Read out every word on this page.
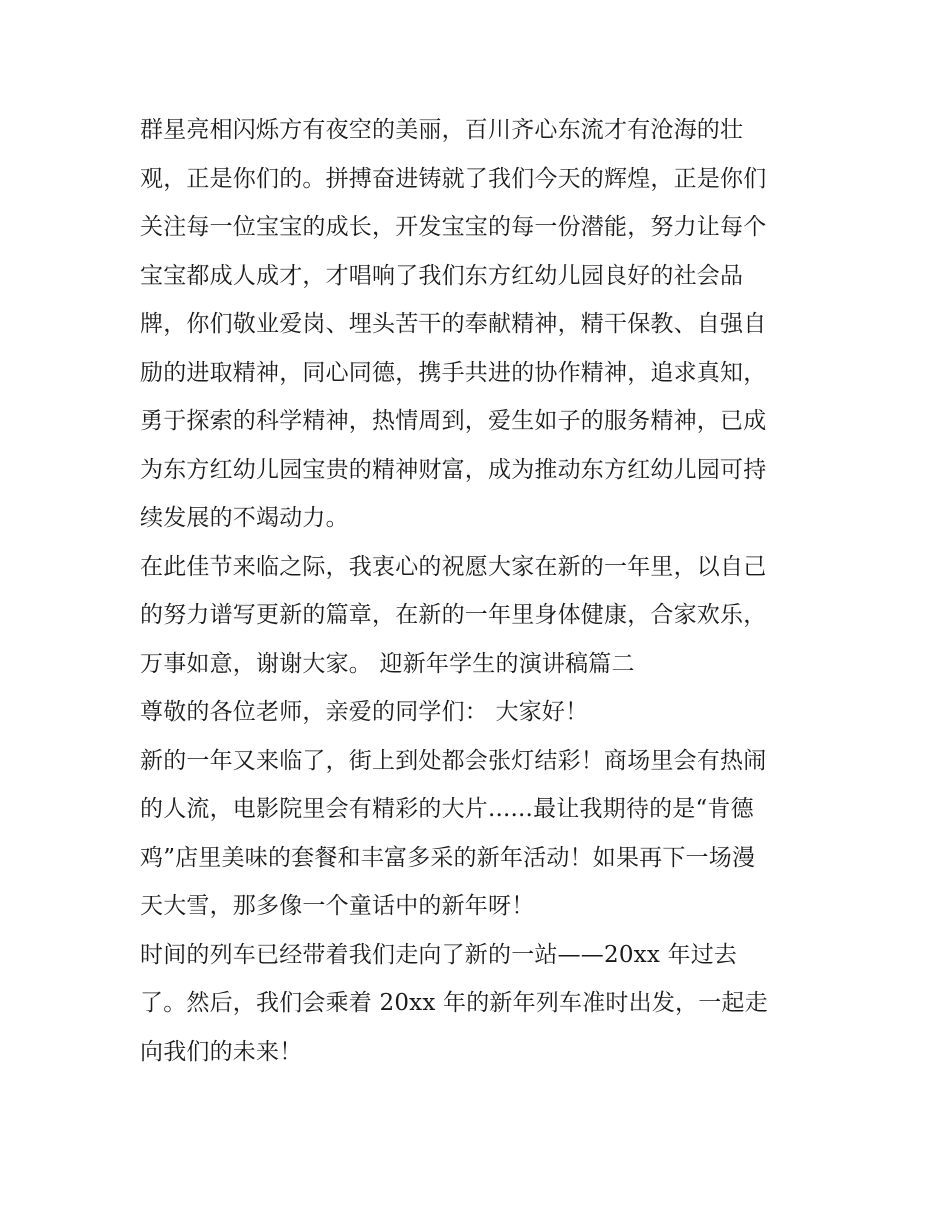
群星亮相闪烁方有夜空的美丽，百川齐心东流才有沧海的壮
观，正是你们的。拼搏奋进铸就了我们今天的辉煌，正是你们
关注每一位宝宝的成长，开发宝宝的每一份潜能，努力让每个
宝宝都成人成才，才唱响了我们东方红幼儿园良好的社会品
牌，你们敬业爱岗、埋头苦干的奉献精神，精干保教、自强自
励的进取精神，同心同德，携手共进的协作精神，追求真知，
勇于探索的科学精神，热情周到，爱生如子的服务精神，已成
为东方红幼儿园宝贵的精神财富，成为推动东方红幼儿园可持
续发展的不竭动力。
在此佳节来临之际，我衷心的祝愿大家在新的一年里，以自己
的努力谱写更新的篇章，在新的一年里身体健康，合家欢乐，
万事如意，谢谢大家。 迎新年学生的演讲稿篇二
尊敬的各位老师，亲爱的同学们： 大家好！
新的一年又来临了，街上到处都会张灯结彩！商场里会有热闹
的人流，电影院里会有精彩的大片......最让我期待的是“肯德
鸡”店里美味的套餐和丰富多采的新年活动！如果再下一场漫
天大雪，那多像一个童话中的新年呀！
时间的列车已经带着我们走向了新的一站——20xx 年过去
了。然后，我们会乘着 20xx 年的新年列车准时出发，一起走
向我们的未来！
